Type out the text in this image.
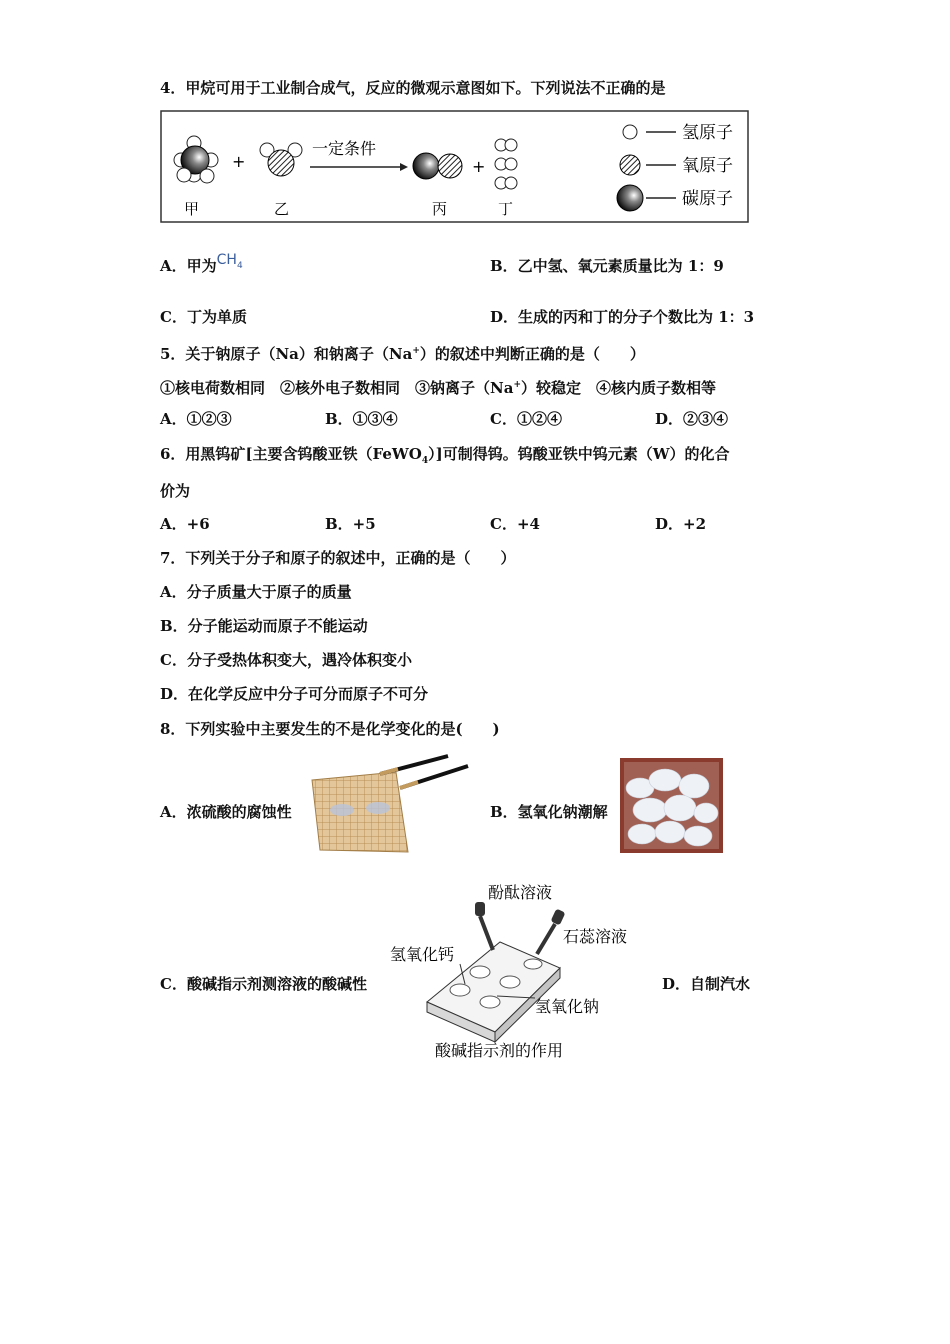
4．甲烷可用于工业制合成气，反应的微观示意图如下。下列说法不正确的是
+
一定条件
+
甲	乙	丙	丁
氢原子
氧原子
碳原子
A．甲为$CH_4$	B．乙中氢、氧元素质量比为 1：9
C．丁为单质	D．生成的丙和丁的分子个数比为 1：3
5．关于钠原子（Na）和钠离子（Na+）的叙述中判断正确的是（　　）
①核电荷数相同　②核外电子数相同　③钠离子（Na+）较稳定　④核内质子数相等
A．①②③	B．①③④	C．①②④	D．②③④
6．用黑钨矿[主要含钨酸亚铁（FeWO$_4$）]可制得钨。钨酸亚铁中钨元素（W）的化合
价为
A．+6	B．+5	C．+4	D．+2
7．下列关于分子和原子的叙述中，正确的是（　　）
A．分子质量大于原子的质量
B．分子能运动而原子不能运动
C．分子受热体积变大，遇冷体积变小
D．在化学反应中分子可分而原子不可分
8．下列实验中主要发生的不是化学变化的是(　　)
A．浓硫酸的腐蚀性	B．氢氧化钠潮解
C．酸碱指示剂测溶液的酸碱性
酚酞溶液
石蕊溶液
氢氧化钙
氢氧化钠
酸碱指示剂的作用
D．自制汽水
